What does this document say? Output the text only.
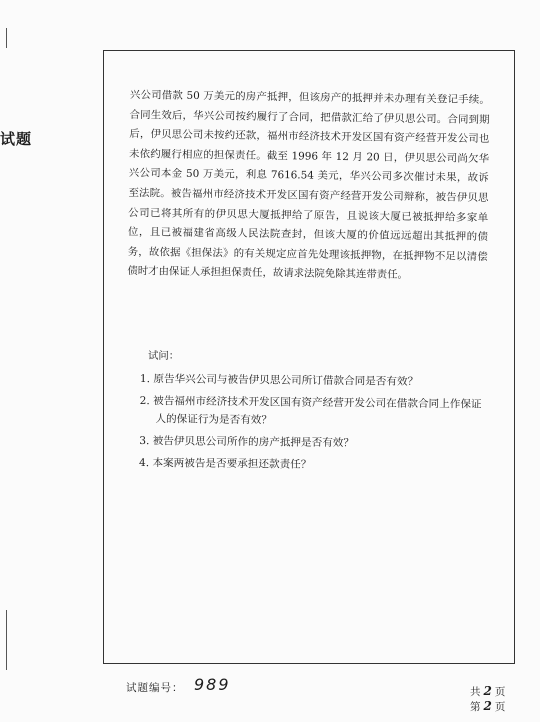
试题

兴公司借款 50 万美元的房产抵押，但该房产的抵押并未办理有关登记手续。合同生效后，华兴公司按约履行了合同，把借款汇给了伊贝思公司。合同到期后，伊贝思公司未按约还款，福州市经济技术开发区国有资产经营开发公司也未依约履行相应的担保责任。截至 1996 年 12 月 20 日，伊贝思公司尚欠华兴公司本金 50 万美元，利息 7616.54 美元，华兴公司多次催讨未果，故诉至法院。被告福州市经济技术开发区国有资产经营开发公司辩称，被告伊贝思公司已将其所有的伊贝思大厦抵押给了原告，且说该大厦已被抵押给多家单位，且已被福建省高级人民法院查封，但该大厦的价值远远超出其抵押的债务，故依据《担保法》的有关规定应首先处理该抵押物，在抵押物不足以清偿债时才由保证人承担担保责任，故请求法院免除其连带责任。

试问：

1. 原告华兴公司与被告伊贝思公司所订借款合同是否有效？

2. 被告福州市经济技术开发区国有资产经营开发公司在借款合同上作保证人的保证行为是否有效？

3. 被告伊贝思公司所作的房产抵押是否有效？

4. 本案两被告是否要承担还款责任？

试题编号： 989	共 2 页
第 2 页
